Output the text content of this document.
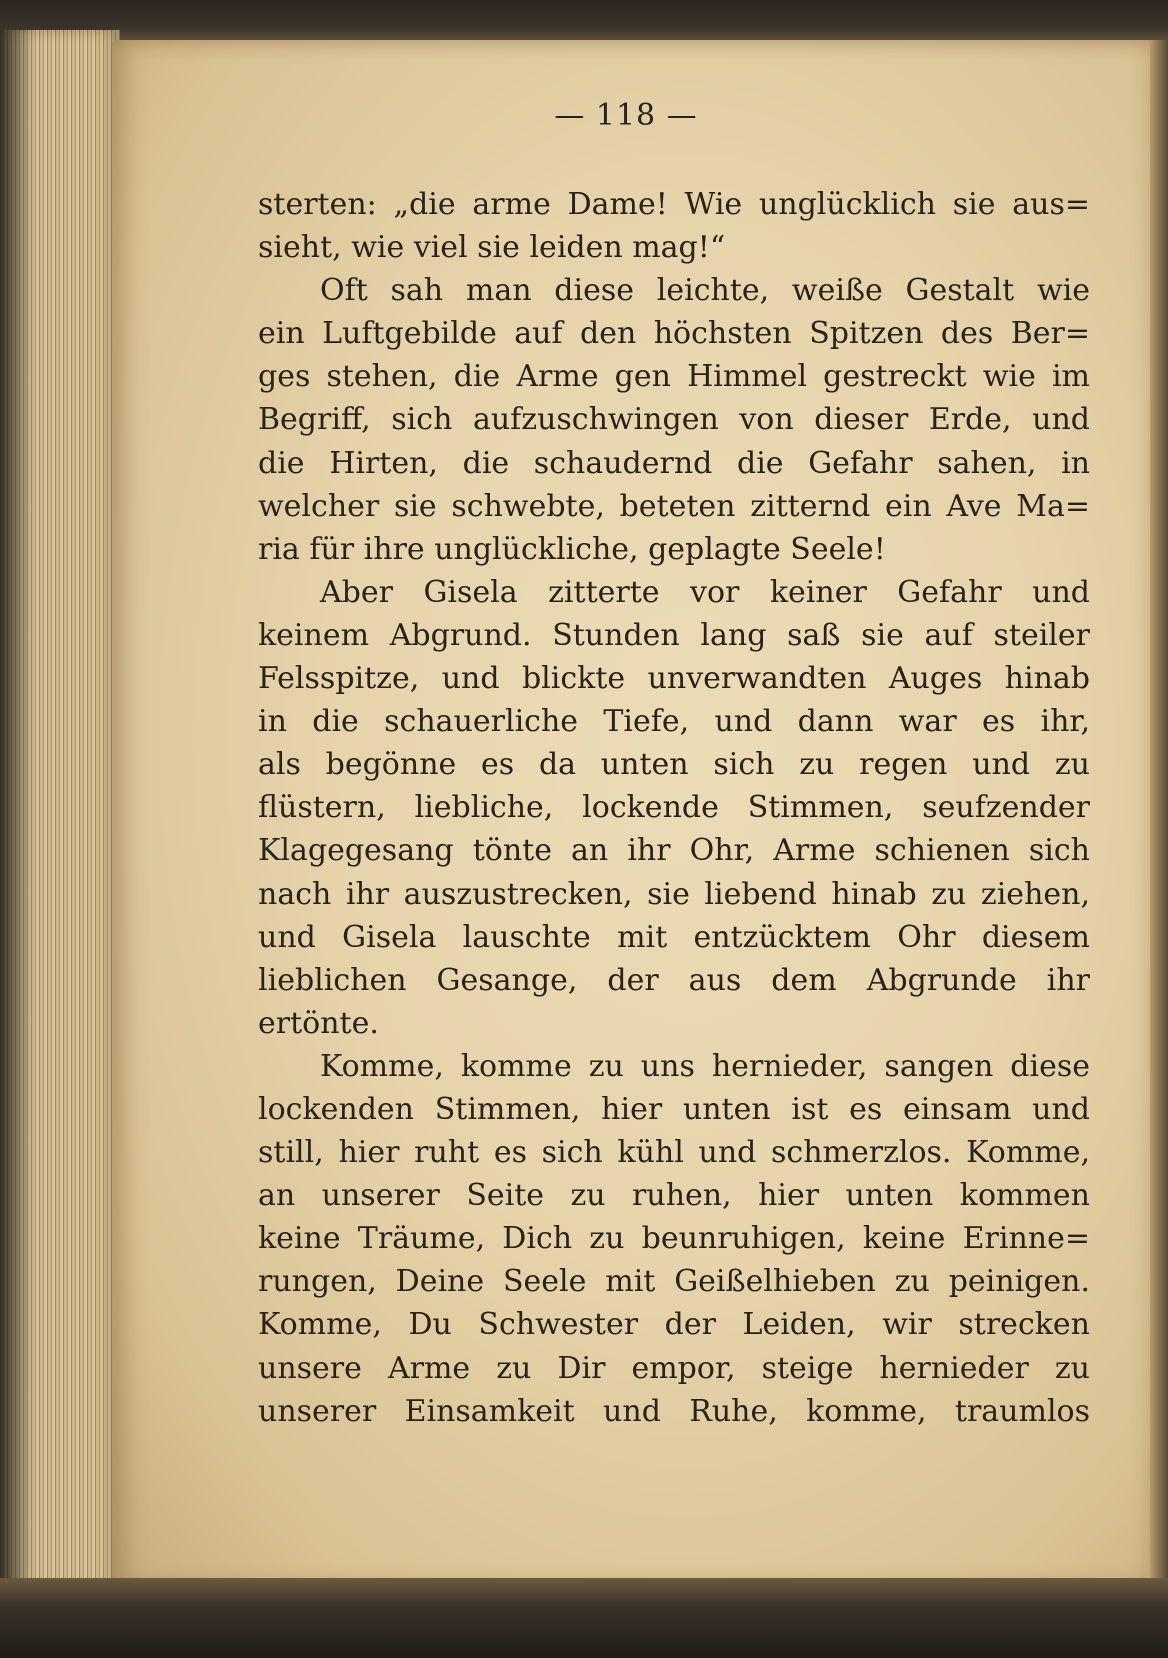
— 118 —
sterten: „die arme Dame! Wie unglücklich sie aus=
sieht, wie viel sie leiden mag!“
Oft sah man diese leichte, weiße Gestalt wie
ein Luftgebilde auf den höchsten Spitzen des Ber=
ges stehen, die Arme gen Himmel gestreckt wie im
Begriff, sich aufzuschwingen von dieser Erde, und
die Hirten, die schaudernd die Gefahr sahen, in
welcher sie schwebte, beteten zitternd ein Ave Ma=
ria für ihre unglückliche, geplagte Seele!
Aber Gisela zitterte vor keiner Gefahr und
keinem Abgrund. Stunden lang saß sie auf steiler
Felsspitze, und blickte unverwandten Auges hinab
in die schauerliche Tiefe, und dann war es ihr,
als begönne es da unten sich zu regen und zu
flüstern, liebliche, lockende Stimmen, seufzender
Klagegesang tönte an ihr Ohr, Arme schienen sich
nach ihr auszustrecken, sie liebend hinab zu ziehen,
und Gisela lauschte mit entzücktem Ohr diesem
lieblichen Gesange, der aus dem Abgrunde ihr
ertönte.
Komme, komme zu uns hernieder, sangen diese
lockenden Stimmen, hier unten ist es einsam und
still, hier ruht es sich kühl und schmerzlos. Komme,
an unserer Seite zu ruhen, hier unten kommen
keine Träume, Dich zu beunruhigen, keine Erinne=
rungen, Deine Seele mit Geißelhieben zu peinigen.
Komme, Du Schwester der Leiden, wir strecken
unsere Arme zu Dir empor, steige hernieder zu
unserer Einsamkeit und Ruhe, komme, traumlos
